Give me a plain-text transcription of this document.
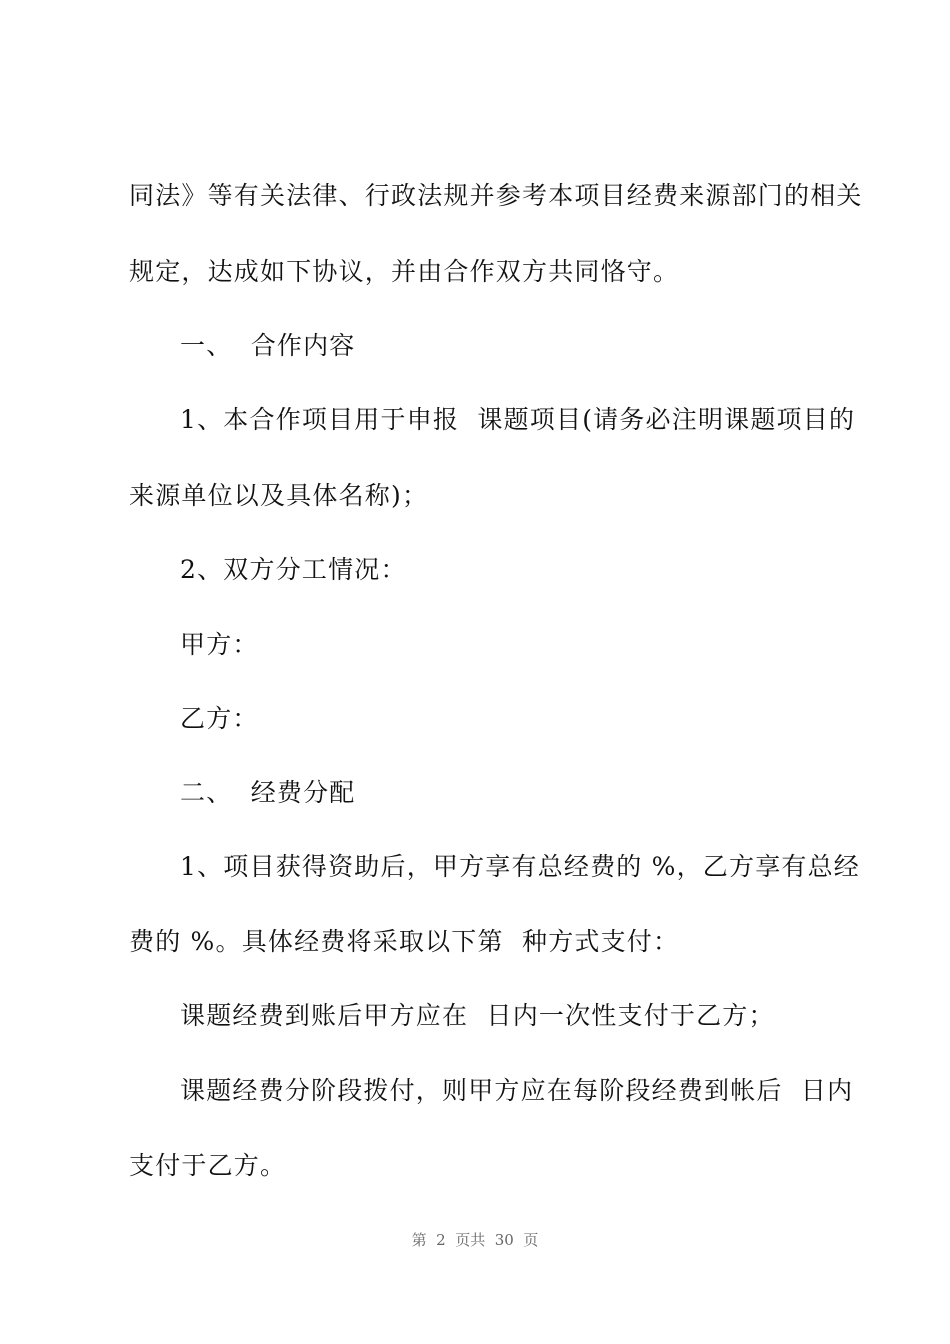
同法》等有关法律、行政法规并参考本项目经费来源部门的相关
规定，达成如下协议，并由合作双方共同恪守。
一、  合作内容
1、本合作项目用于申报  课题项目(请务必注明课题项目的
来源单位以及具体名称)；
2、双方分工情况：
甲方：
乙方：
二、  经费分配
1、项目获得资助后，甲方享有总经费的 %，乙方享有总经
费的 %。具体经费将采取以下第  种方式支付：
课题经费到账后甲方应在  日内一次性支付于乙方；
课题经费分阶段拨付，则甲方应在每阶段经费到帐后  日内
支付于乙方。
第  2  页共  30  页
